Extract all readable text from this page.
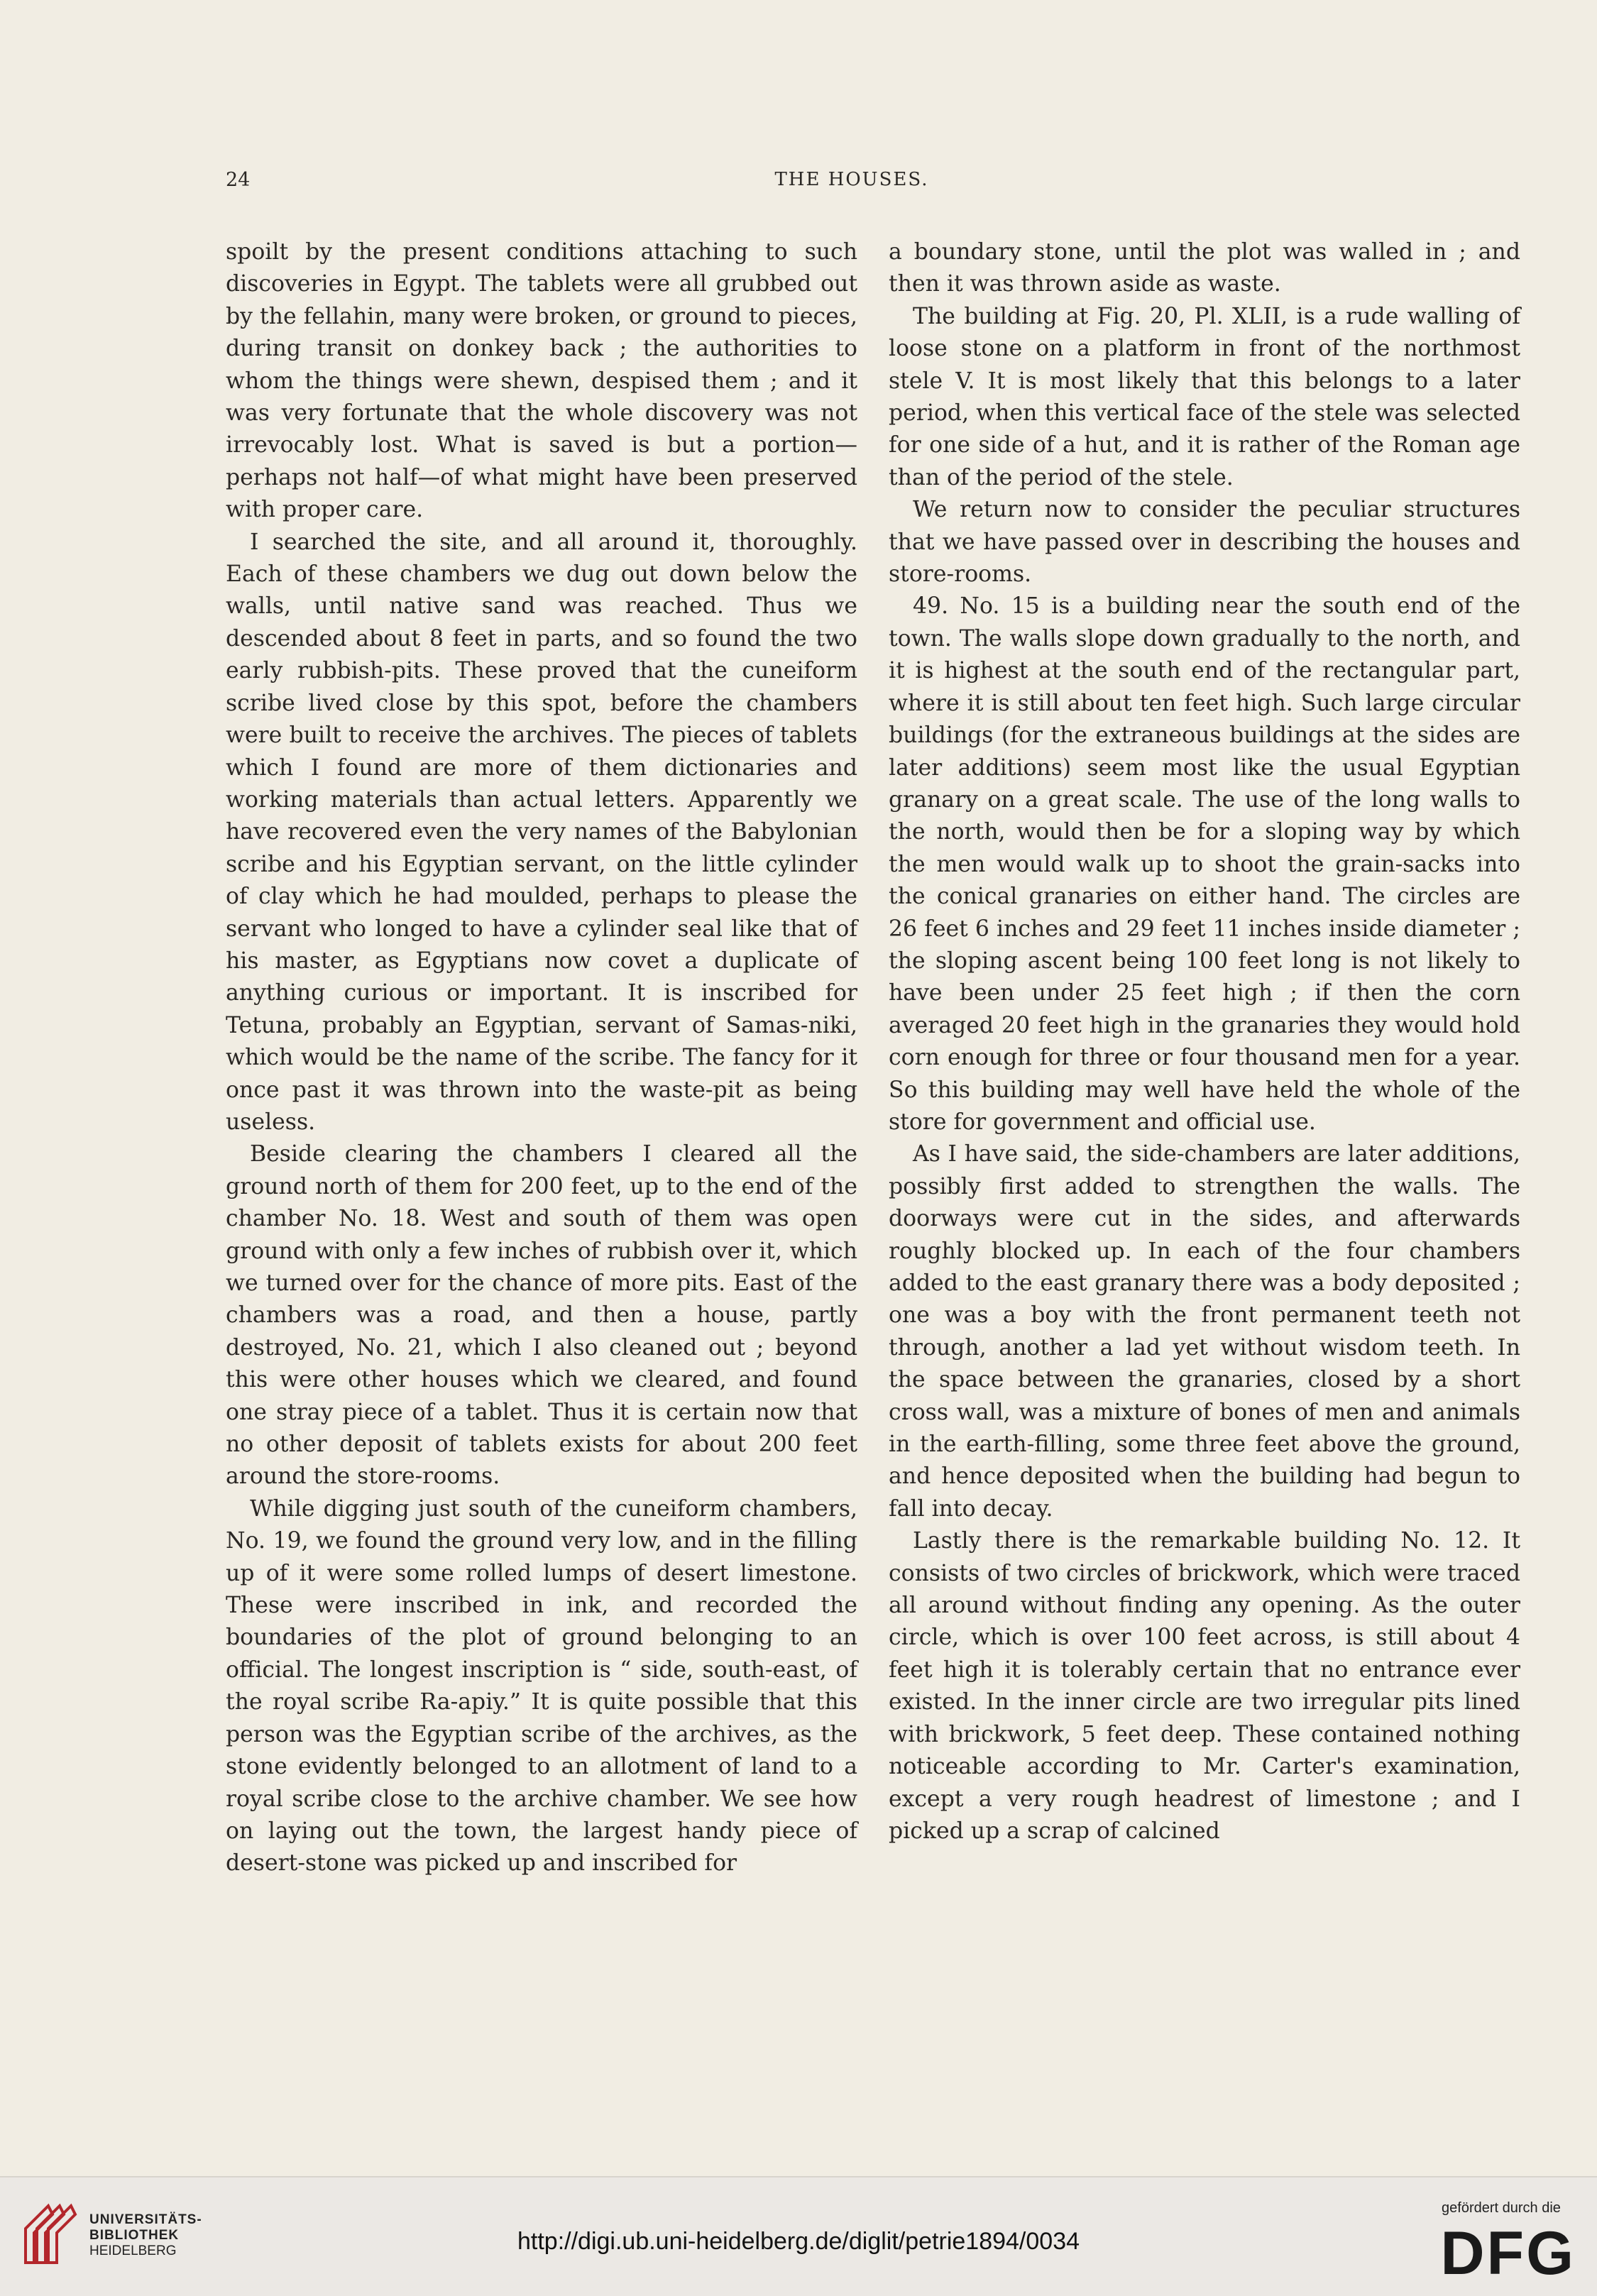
24	THE HOUSES.

spoilt by the present conditions attaching to such discoveries in Egypt. The tablets were all grubbed out by the fellahin, many were broken, or ground to pieces, during transit on donkey back ; the authorities to whom the things were shewn, despised them ; and it was very fortunate that the whole discovery was not irrevocably lost. What is saved is but a portion—perhaps not half—of what might have been preserved with proper care.

I searched the site, and all around it, thoroughly. Each of these chambers we dug out down below the walls, until native sand was reached. Thus we descended about 8 feet in parts, and so found the two early rubbish-pits. These proved that the cuneiform scribe lived close by this spot, before the chambers were built to receive the archives. The pieces of tablets which I found are more of them dictionaries and working materials than actual letters. Apparently we have recovered even the very names of the Babylonian scribe and his Egyptian servant, on the little cylinder of clay which he had moulded, perhaps to please the servant who longed to have a cylinder seal like that of his master, as Egyptians now covet a duplicate of anything curious or important. It is inscribed for Tetuna, probably an Egyptian, servant of Samas-niki, which would be the name of the scribe. The fancy for it once past it was thrown into the waste-pit as being useless.

Beside clearing the chambers I cleared all the ground north of them for 200 feet, up to the end of the chamber No. 18. West and south of them was open ground with only a few inches of rubbish over it, which we turned over for the chance of more pits. East of the chambers was a road, and then a house, partly destroyed, No. 21, which I also cleaned out ; beyond this were other houses which we cleared, and found one stray piece of a tablet. Thus it is certain now that no other deposit of tablets exists for about 200 feet around the store-rooms.

While digging just south of the cuneiform chambers, No. 19, we found the ground very low, and in the filling up of it were some rolled lumps of desert limestone. These were inscribed in ink, and recorded the boundaries of the plot of ground belonging to an official. The longest inscription is “ side, south-east, of the royal scribe Ra-apiy.” It is quite possible that this person was the Egyptian scribe of the archives, as the stone evidently belonged to an allotment of land to a royal scribe close to the archive chamber. We see how on laying out the town, the largest handy piece of desert-stone was picked up and inscribed for

a boundary stone, until the plot was walled in ; and then it was thrown aside as waste.

The building at Fig. 20, Pl. XLII, is a rude walling of loose stone on a platform in front of the northmost stele V. It is most likely that this belongs to a later period, when this vertical face of the stele was selected for one side of a hut, and it is rather of the Roman age than of the period of the stele.

We return now to consider the peculiar structures that we have passed over in describing the houses and store-rooms.

49. No. 15 is a building near the south end of the town. The walls slope down gradually to the north, and it is highest at the south end of the rectangular part, where it is still about ten feet high. Such large circular buildings (for the extraneous buildings at the sides are later additions) seem most like the usual Egyptian granary on a great scale. The use of the long walls to the north, would then be for a sloping way by which the men would walk up to shoot the grain-sacks into the conical granaries on either hand. The circles are 26 feet 6 inches and 29 feet 11 inches inside diameter ; the sloping ascent being 100 feet long is not likely to have been under 25 feet high ; if then the corn averaged 20 feet high in the granaries they would hold corn enough for three or four thousand men for a year. So this building may well have held the whole of the store for government and official use.

As I have said, the side-chambers are later additions, possibly first added to strengthen the walls. The doorways were cut in the sides, and afterwards roughly blocked up. In each of the four chambers added to the east granary there was a body deposited ; one was a boy with the front permanent teeth not through, another a lad yet without wisdom teeth. In the space between the granaries, closed by a short cross wall, was a mixture of bones of men and animals in the earth-filling, some three feet above the ground, and hence deposited when the building had begun to fall into decay.

Lastly there is the remarkable building No. 12. It consists of two circles of brickwork, which were traced all around without finding any opening. As the outer circle, which is over 100 feet across, is still about 4 feet high it is tolerably certain that no entrance ever existed. In the inner circle are two irregular pits lined with brickwork, 5 feet deep. These contained nothing noticeable according to Mr. Carter's examination, except a very rough headrest of limestone ; and I picked up a scrap of calcined

UNIVERSITÄTS-
BIBLIOTHEK
HEIDELBERG	http://digi.ub.uni-heidelberg.de/diglit/petrie1894/0034
gefördert durch die
DFG
